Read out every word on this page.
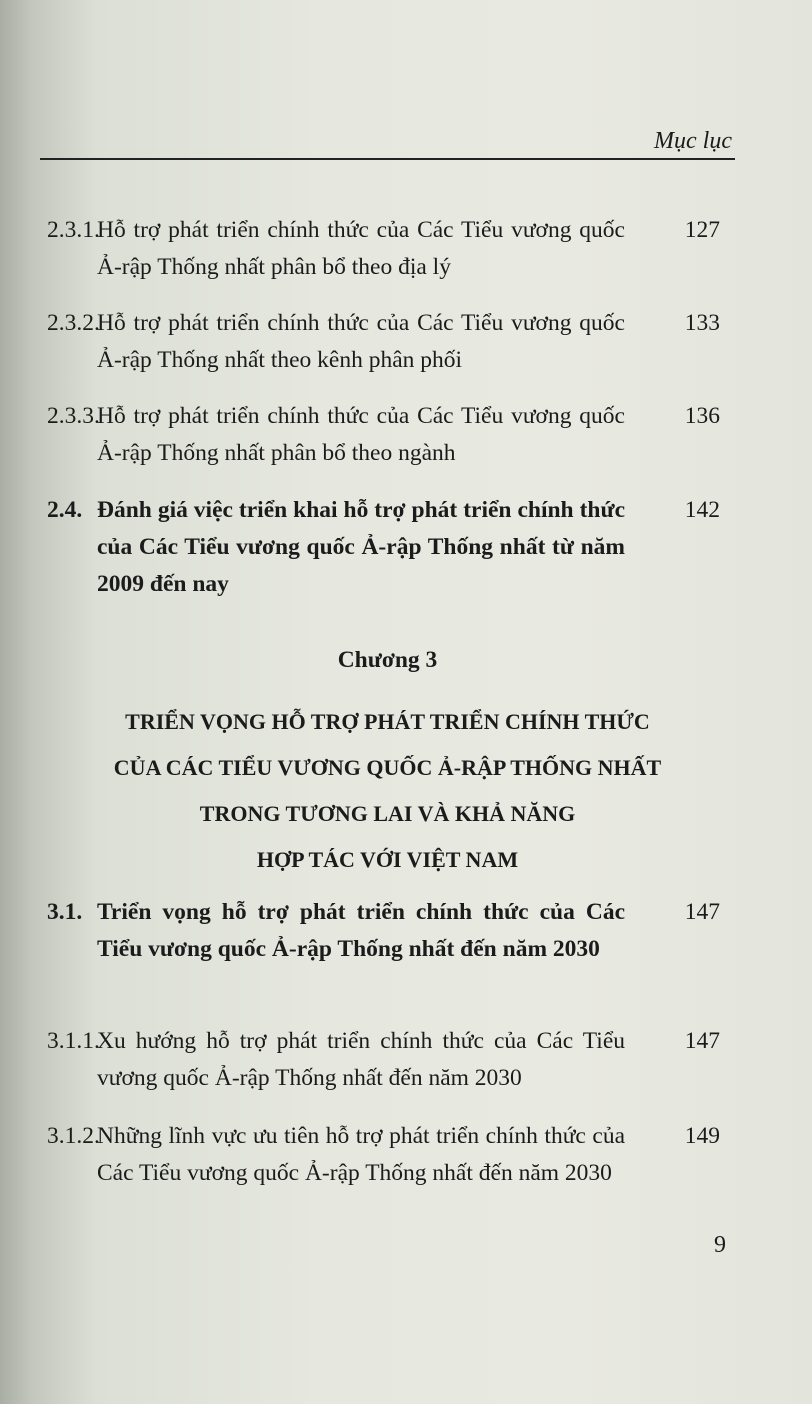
Mục lục
2.3.1.
Hỗ trợ phát triển chính thức của Các Tiểu vương quốc Ả-rập Thống nhất phân bổ theo địa lý
127
2.3.2.
Hỗ trợ phát triển chính thức của Các Tiểu vương quốc Ả-rập Thống nhất theo kênh phân phối
133
2.3.3.
Hỗ trợ phát triển chính thức của Các Tiểu vương quốc Ả-rập Thống nhất phân bổ theo ngành
136
2.4. Đánh giá việc triển khai hỗ trợ phát triển chính thức của Các Tiểu vương quốc Ả-rập Thống nhất từ năm 2009 đến nay
142
Chương 3
TRIỂN VỌNG HỖ TRỢ PHÁT TRIỂN CHÍNH THỨC
CỦA CÁC TIỂU VƯƠNG QUỐC Ả-RẬP THỐNG NHẤT
TRONG TƯƠNG LAI VÀ KHẢ NĂNG
HỢP TÁC VỚI VIỆT NAM
3.1. Triển vọng hỗ trợ phát triển chính thức của Các Tiểu vương quốc Ả-rập Thống nhất đến năm 2030
147
3.1.1.
Xu hướng hỗ trợ phát triển chính thức của Các Tiểu vương quốc Ả-rập Thống nhất đến năm 2030
147
3.1.2.
Những lĩnh vực ưu tiên hỗ trợ phát triển chính thức của Các Tiểu vương quốc Ả-rập Thống nhất đến năm 2030
149
9
